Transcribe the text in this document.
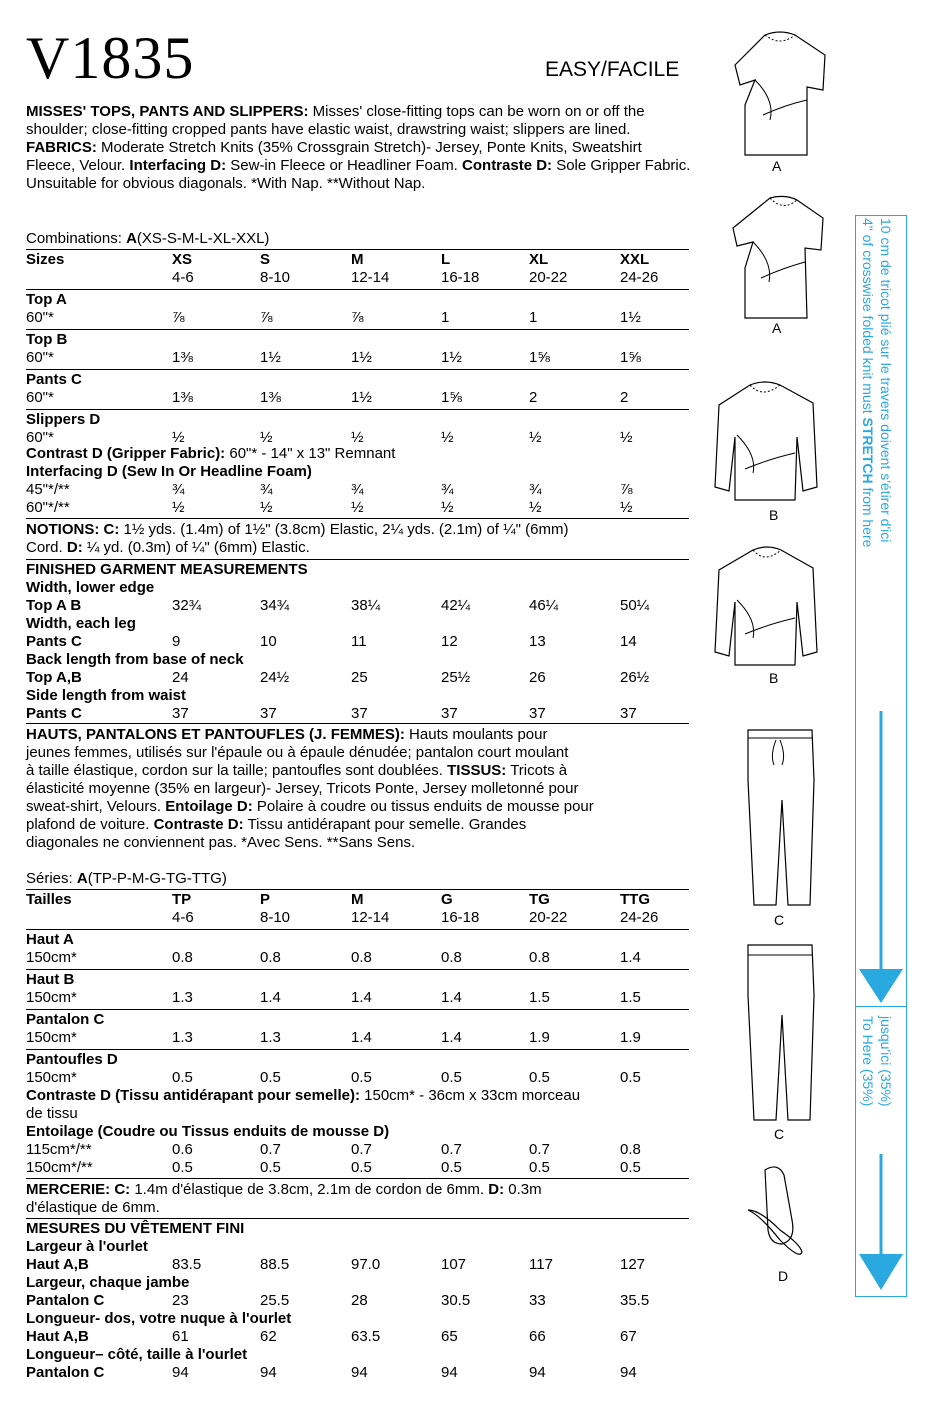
V1835	EASY/FACILE
MISSES' TOPS, PANTS AND SLIPPERS: Misses' close-fitting tops can be worn on or off the shoulder; close-fitting cropped pants have elastic waist, drawstring waist; slippers are lined. FABRICS: Moderate Stretch Knits (35% Crossgrain Stretch)- Jersey, Ponte Knits, Sweatshirt Fleece, Velour. Interfacing D: Sew-in Fleece or Headliner Foam. Contraste D: Sole Gripper Fabric. Unsuitable for obvious diagonals. *With Nap. **Without Nap.
Combinations: A(XS-S-M-L-XL-XXL)
Sizes	XS	S	M	L	XL	XXL
4-6	8-10	12-14	16-18	20-22	24-26
Top A
60"*	⅞	⅞	⅞	1	1	1½
Top B
60"*	1⅜	1½	1½	1½	1⅝	1⅝
Pants C
60"*	1⅜	1⅜	1½	1⅝	2	2
Slippers D
60"*	½	½	½	½	½	½
Contrast D (Gripper Fabric): 60"* - 14" x 13" Remnant
Interfacing D (Sew In Or Headline Foam)
45"*/**	¾	¾	¾	¾	¾	⅞
60"*/**	½	½	½	½	½	½
NOTIONS: C: 1½ yds. (1.4m) of 1½" (3.8cm) Elastic, 2¼ yds. (2.1m) of ¼" (6mm)
Cord. D: ¼ yd. (0.3m) of ¼" (6mm) Elastic.
FINISHED GARMENT MEASUREMENTS
Width, lower edge
Top A B	32¾	34¾	38¼	42¼	46¼	50¼
Width, each leg
Pants C	9	10	11	12	13	14
Back length from base of neck
Top A,B	24	24½	25	25½	26	26½
Side length from waist
Pants C	37	37	37	37	37	37
HAUTS, PANTALONS ET PANTOUFLES (J. FEMMES): Hauts moulants pour
jeunes femmes, utilisés sur l'épaule ou à épaule dénudée; pantalon court moulant
à taille élastique, cordon sur la taille; pantoufles sont doublées. TISSUS: Tricots à
élasticité moyenne (35% en largeur)- Jersey, Tricots Ponte, Jersey molletonné pour
sweat-shirt, Velours. Entoilage D: Polaire à coudre ou tissus enduits de mousse pour
plafond de voiture. Contraste D: Tissu antidérapant pour semelle. Grandes
diagonales ne conviennent pas. *Avec Sens. **Sans Sens.
Séries: A(TP-P-M-G-TG-TTG)
Tailles	TP	P	M	G	TG	TTG
4-6	8-10	12-14	16-18	20-22	24-26
Haut A
150cm*	0.8	0.8	0.8	0.8	0.8	1.4
Haut B
150cm*	1.3	1.4	1.4	1.4	1.5	1.5
Pantalon C
150cm*	1.3	1.3	1.4	1.4	1.9	1.9
Pantoufles D
150cm*	0.5	0.5	0.5	0.5	0.5	0.5
Contraste D (Tissu antidérapant pour semelle): 150cm* - 36cm x 33cm morceau
de tissu
Entoilage (Coudre ou Tissus enduits de mousse D)
115cm*/**	0.6	0.7	0.7	0.7	0.7	0.8
150cm*/**	0.5	0.5	0.5	0.5	0.5	0.5
MERCERIE: C: 1.4m d'élastique de 3.8cm, 2.1m de cordon de 6mm. D: 0.3m
d'élastique de 6mm.
MESURES DU VÊTEMENT FINI
Largeur à l'ourlet
Haut A,B	83.5	88.5	97.0	107	117	127
Largeur, chaque jambe
Pantalon C	23	25.5	28	30.5	33	35.5
Longueur- dos, votre nuque à l'ourlet
Haut A,B	61	62	63.5	65	66	67
Longueur– côté, taille à l'ourlet
Pantalon C	94	94	94	94	94	94
A
A
B
B
C
C
D
4" of crosswise folded knit must STRETCH from here 10 cm de tricot plié sur le travers doivent s'étirer d'ici
To Here (35%) jusqu'ici (35%)
